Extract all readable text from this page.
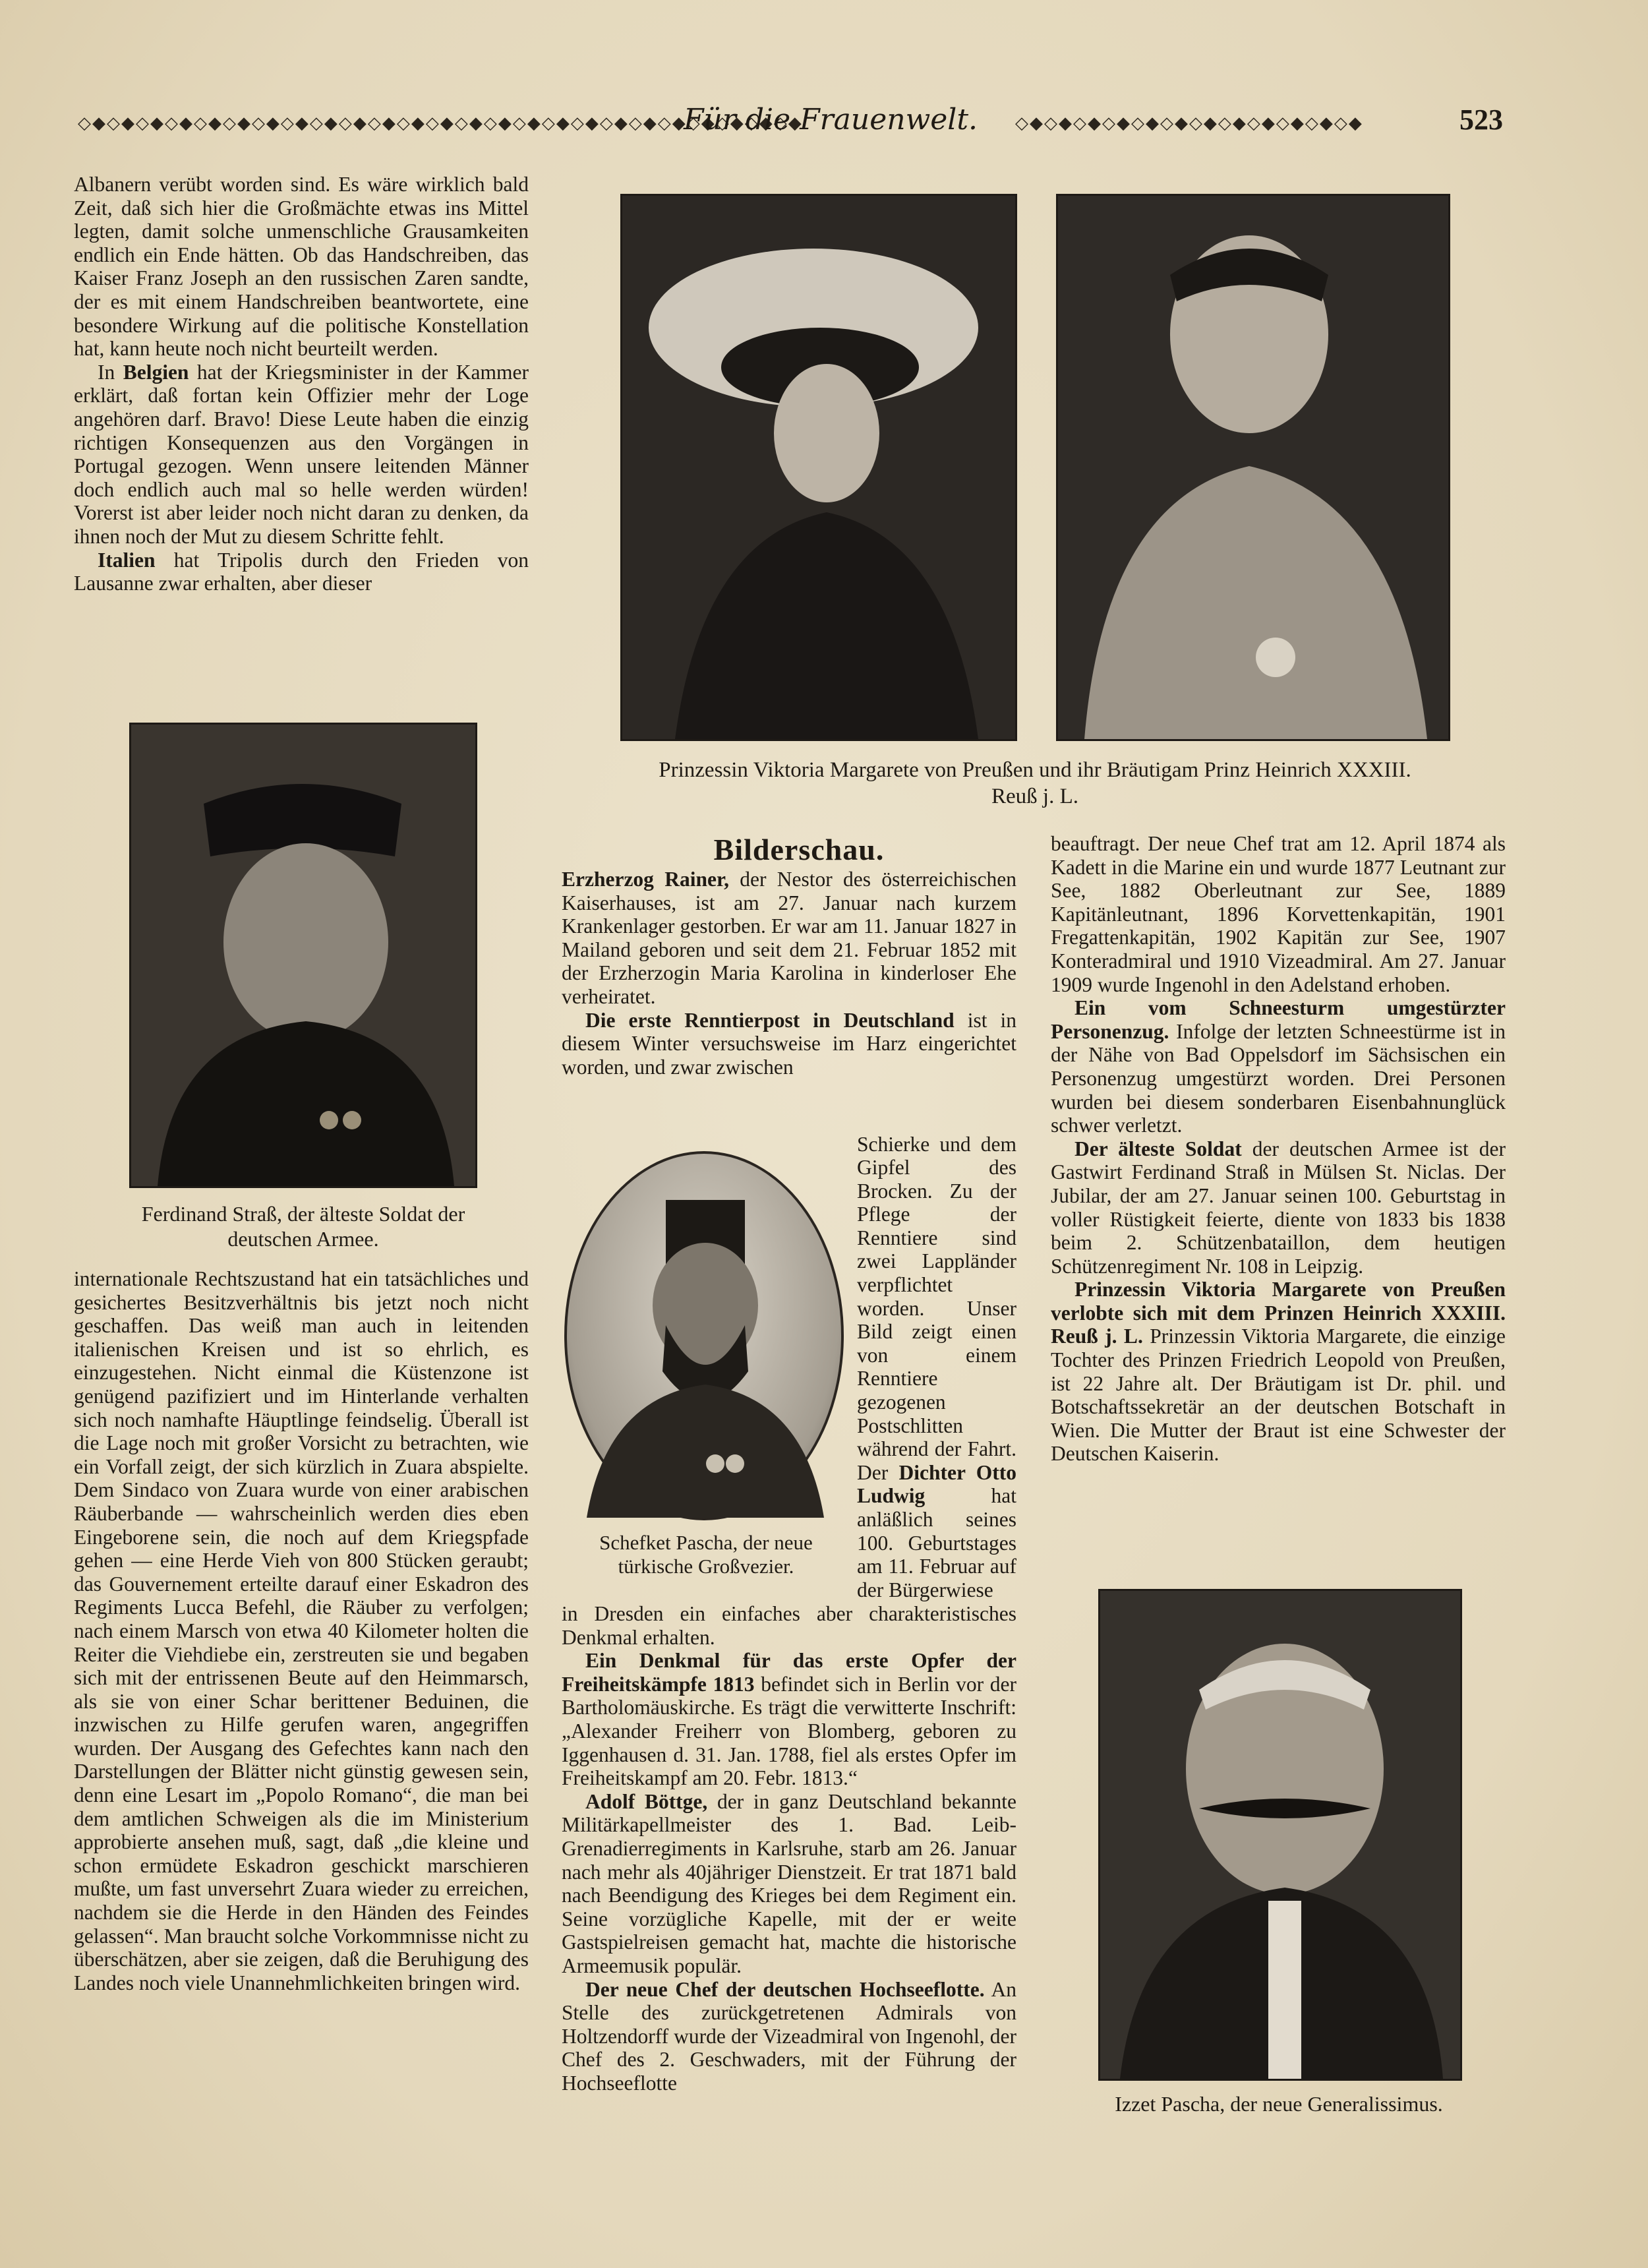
◇◆◇◆◇◆◇◆◇◆◇◆◇◆◇◆◇◆◇◆◇◆◇◆◇◆◇◆◇◆◇◆◇◆◇◆◇◆◇◆◇◆◇◆◇◆◇◆◇◆
Für die Frauenwelt.	◇◆◇◆◇◆◇◆◇◆◇◆◇◆◇◆◇◆◇◆◇◆◇◆	523

Albanern verübt worden sind. Es wäre wirklich bald Zeit, daß sich hier die Großmächte etwas ins Mittel legten, damit solche unmenschliche Grausamkeiten endlich ein Ende hätten. Ob das Handschreiben, das Kaiser Franz Joseph an den russischen Zaren sandte, der es mit einem Handschreiben beantwortete, eine besondere Wirkung auf die politische Konstellation hat, kann heute noch nicht beurteilt werden.

In Belgien hat der Kriegsminister in der Kammer erklärt, daß fortan kein Offizier mehr der Loge angehören darf. Bravo! Diese Leute haben die einzig richtigen Konsequenzen aus den Vorgängen in Portugal gezogen. Wenn unsere leitenden Männer doch endlich auch mal so helle werden würden! Vorerst ist aber leider noch nicht daran zu denken, da ihnen noch der Mut zu diesem Schritte fehlt.

Italien hat Tripolis durch den Frieden von Lausanne zwar erhalten, aber dieser

Ferdinand Straß, der älteste Soldat der deutschen Armee.

internationale Rechtszustand hat ein tatsächliches und gesichertes Besitzverhältnis bis jetzt noch nicht geschaffen. Das weiß man auch in leitenden italienischen Kreisen und ist so ehrlich, es einzugestehen. Nicht einmal die Küstenzone ist genügend pazifiziert und im Hinterlande verhalten sich noch namhafte Häuptlinge feindselig. Überall ist die Lage noch mit großer Vorsicht zu betrachten, wie ein Vorfall zeigt, der sich kürzlich in Zuara abspielte. Dem Sindaco von Zuara wurde von einer arabischen Räuberbande — wahrscheinlich werden dies eben Eingeborene sein, die noch auf dem Kriegspfade gehen — eine Herde Vieh von 800 Stücken geraubt; das Gouvernement erteilte darauf einer Eskadron des Regiments Lucca Befehl, die Räuber zu verfolgen; nach einem Marsch von etwa 40 Kilometer holten die Reiter die Viehdiebe ein, zerstreuten sie und begaben sich mit der entrissenen Beute auf den Heimmarsch, als sie von einer Schar berittener Beduinen, die inzwischen zu Hilfe gerufen waren, angegriffen wurden. Der Ausgang des Gefechtes kann nach den Darstellungen der Blätter nicht günstig gewesen sein, denn eine Lesart im „Popolo Romano“, die man bei dem amtlichen Schweigen als die im Ministerium approbierte ansehen muß, sagt, daß „die kleine und schon ermüdete Eskadron geschickt marschieren mußte, um fast unversehrt Zuara wieder zu erreichen, nachdem sie die Herde in den Händen des Feindes gelassen“. Man braucht solche Vorkommnisse nicht zu überschätzen, aber sie zeigen, daß die Beruhigung des Landes noch viele Unannehmlichkeiten bringen wird.

Prinzessin Viktoria Margarete von Preußen und ihr Bräutigam Prinz Heinrich XXXIII. Reuß j. L.
Bilderschau.

Erzherzog Rainer, der Nestor des österreichischen Kaiserhauses, ist am 27. Januar nach kurzem Krankenlager gestorben. Er war am 11. Januar 1827 in Mailand geboren und seit dem 21. Februar 1852 mit der Erzherzogin Maria Karolina in kinderloser Ehe verheiratet.

Die erste Renntierpost in Deutschland ist in diesem Winter versuchsweise im Harz eingerichtet worden, und zwar zwischen

Schefket Pascha, der neue türkische Großvezier.

Schierke und dem Gipfel des Brocken. Zu der Pflege der Renntiere sind zwei Lappländer verpflichtet worden. Unser Bild zeigt einen von einem Renntiere gezogenen Postschlitten während der Fahrt. Der Dichter Otto Ludwig hat anläßlich seines 100. Geburtstages am 11. Februar auf der Bürgerwiese

in Dresden ein einfaches aber charakteristisches Denkmal erhalten.

Ein Denkmal für das erste Opfer der Freiheitskämpfe 1813 befindet sich in Berlin vor der Bartholomäuskirche. Es trägt die verwitterte Inschrift: „Alexander Freiherr von Blomberg, geboren zu Iggenhausen d. 31. Jan. 1788, fiel als erstes Opfer im Freiheitskampf am 20. Febr. 1813.“

Adolf Böttge, der in ganz Deutschland bekannte Militärkapellmeister des 1. Bad. Leib-Grenadierregiments in Karlsruhe, starb am 26. Januar nach mehr als 40jähriger Dienstzeit. Er trat 1871 bald nach Beendigung des Krieges bei dem Regiment ein. Seine vorzügliche Kapelle, mit der er weite Gastspielreisen gemacht hat, machte die historische Armeemusik populär.

Der neue Chef der deutschen Hochseeflotte. An Stelle des zurückgetretenen Admirals von Holtzendorff wurde der Vizeadmiral von Ingenohl, der Chef des 2. Geschwaders, mit der Führung der Hochseeflotte

beauftragt. Der neue Chef trat am 12. April 1874 als Kadett in die Marine ein und wurde 1877 Leutnant zur See, 1882 Oberleutnant zur See, 1889 Kapitänleutnant, 1896 Korvettenkapitän, 1901 Fregattenkapitän, 1902 Kapitän zur See, 1907 Konteradmiral und 1910 Vizeadmiral. Am 27. Januar 1909 wurde Ingenohl in den Adelstand erhoben.

Ein vom Schneesturm umgestürzter Personenzug. Infolge der letzten Schneestürme ist in der Nähe von Bad Oppelsdorf im Sächsischen ein Personenzug umgestürzt worden. Drei Personen wurden bei diesem sonderbaren Eisenbahnunglück schwer verletzt.

Der älteste Soldat der deutschen Armee ist der Gastwirt Ferdinand Straß in Mülsen St. Niclas. Der Jubilar, der am 27. Januar seinen 100. Geburtstag in voller Rüstigkeit feierte, diente von 1833 bis 1838 beim 2. Schützenbataillon, dem heutigen Schützenregiment Nr. 108 in Leipzig.

Prinzessin Viktoria Margarete von Preußen verlobte sich mit dem Prinzen Heinrich XXXIII. Reuß j. L. Prinzessin Viktoria Margarete, die einzige Tochter des Prinzen Friedrich Leopold von Preußen, ist 22 Jahre alt. Der Bräutigam ist Dr. phil. und Botschaftssekretär an der deutschen Botschaft in Wien. Die Mutter der Braut ist eine Schwester der Deutschen Kaiserin.

Izzet Pascha, der neue Generalissimus.
